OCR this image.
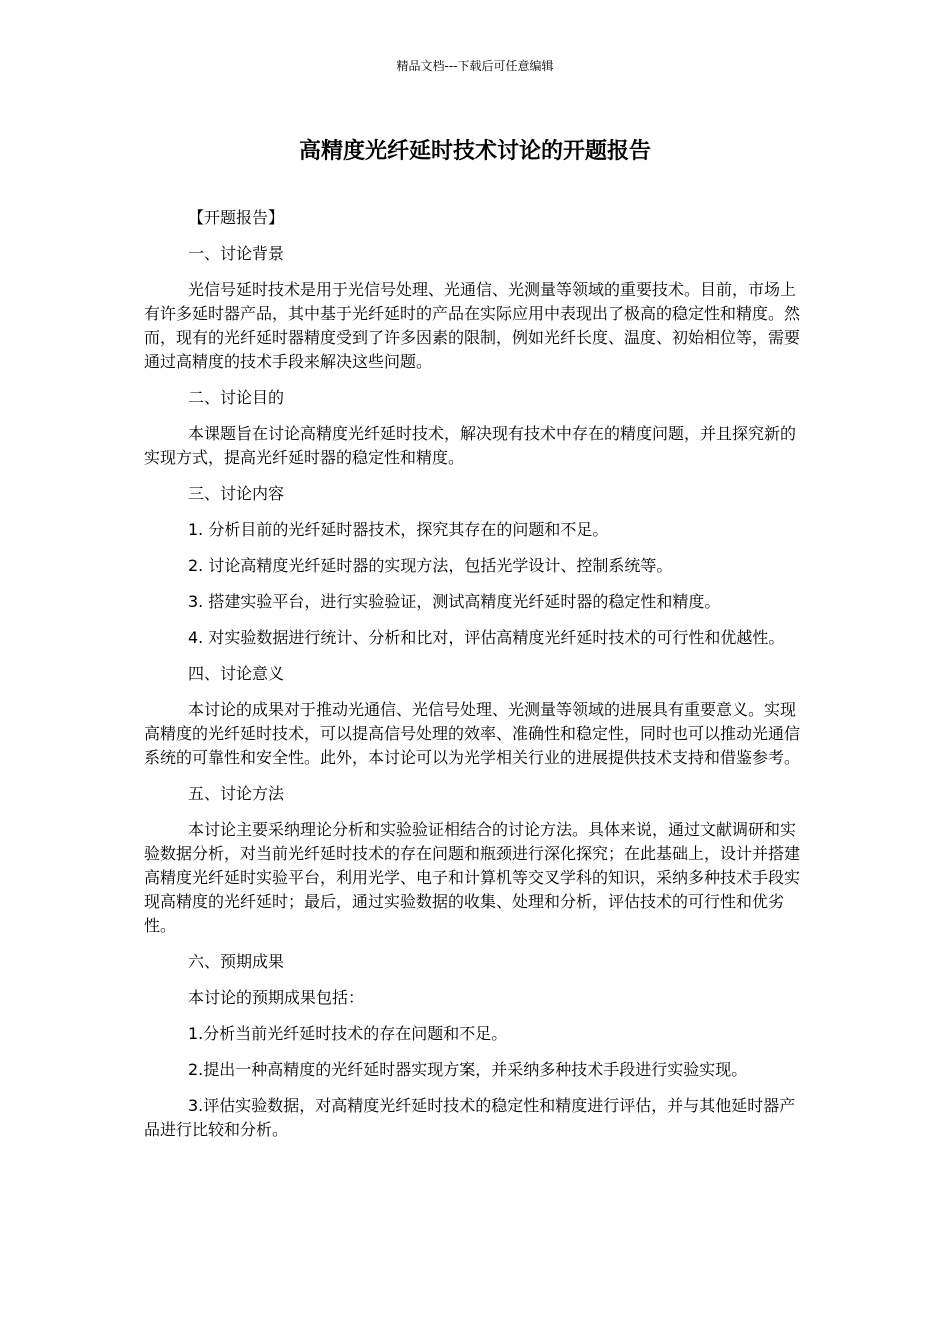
精品文档---下载后可任意编辑
高精度光纤延时技术讨论的开题报告

【开题报告】

一、讨论背景

光信号延时技术是用于光信号处理、光通信、光测量等领域的重要技术。目前，市场上有许多延时器产品，其中基于光纤延时的产品在实际应用中表现出了极高的稳定性和精度。然而，现有的光纤延时器精度受到了许多因素的限制，例如光纤长度、温度、初始相位等，需要通过高精度的技术手段来解决这些问题。

二、讨论目的

本课题旨在讨论高精度光纤延时技术，解决现有技术中存在的精度问题，并且探究新的实现方式，提高光纤延时器的稳定性和精度。

三、讨论内容

1. 分析目前的光纤延时器技术，探究其存在的问题和不足。

2. 讨论高精度光纤延时器的实现方法，包括光学设计、控制系统等。

3. 搭建实验平台，进行实验验证，测试高精度光纤延时器的稳定性和精度。

4. 对实验数据进行统计、分析和比对，评估高精度光纤延时技术的可行性和优越性。

四、讨论意义

本讨论的成果对于推动光通信、光信号处理、光测量等领域的进展具有重要意义。实现高精度的光纤延时技术，可以提高信号处理的效率、准确性和稳定性，同时也可以推动光通信系统的可靠性和安全性。此外，本讨论可以为光学相关行业的进展提供技术支持和借鉴参考。

五、讨论方法

本讨论主要采纳理论分析和实验验证相结合的讨论方法。具体来说，通过文献调研和实验数据分析，对当前光纤延时技术的存在问题和瓶颈进行深化探究；在此基础上，设计并搭建高精度光纤延时实验平台，利用光学、电子和计算机等交叉学科的知识，采纳多种技术手段实现高精度的光纤延时；最后，通过实验数据的收集、处理和分析，评估技术的可行性和优劣性。

六、预期成果

本讨论的预期成果包括：

1.分析当前光纤延时技术的存在问题和不足。

2.提出一种高精度的光纤延时器实现方案，并采纳多种技术手段进行实验实现。

3.评估实验数据，对高精度光纤延时技术的稳定性和精度进行评估，并与其他延时器产品进行比较和分析。
